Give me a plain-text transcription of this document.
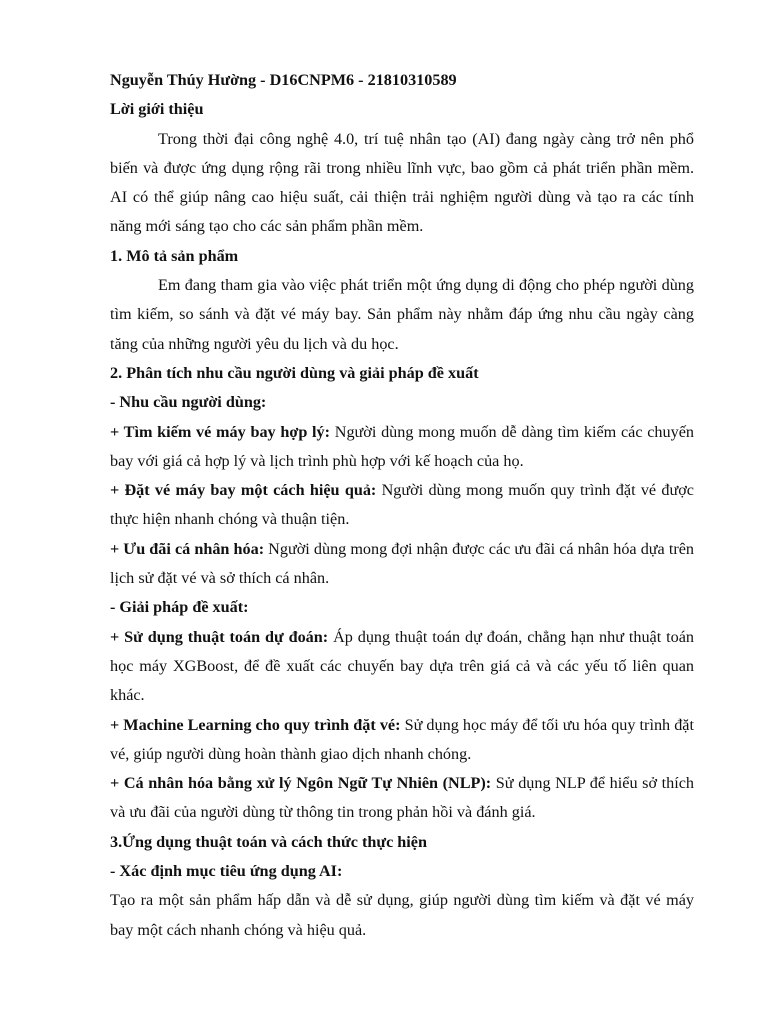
Nguyễn Thúy Hường - D16CNPM6 - 21810310589

Lời giới thiệu

Trong thời đại công nghệ 4.0, trí tuệ nhân tạo (AI) đang ngày càng trở nên phổ biến và được ứng dụng rộng rãi trong nhiều lĩnh vực, bao gồm cả phát triển phần mềm. AI có thể giúp nâng cao hiệu suất, cải thiện trải nghiệm người dùng và tạo ra các tính năng mới sáng tạo cho các sản phẩm phần mềm.

1. Mô tả sản phẩm

Em đang tham gia vào việc phát triển một ứng dụng di động cho phép người dùng tìm kiếm, so sánh và đặt vé máy bay. Sản phẩm này nhằm đáp ứng nhu cầu ngày càng tăng của những người yêu du lịch và du học.

2. Phân tích nhu cầu người dùng và giải pháp đề xuất

- Nhu cầu người dùng:

+ Tìm kiếm vé máy bay hợp lý: Người dùng mong muốn dễ dàng tìm kiếm các chuyến bay với giá cả hợp lý và lịch trình phù hợp với kế hoạch của họ.

+ Đặt vé máy bay một cách hiệu quả: Người dùng mong muốn quy trình đặt vé được thực hiện nhanh chóng và thuận tiện.

+ Ưu đãi cá nhân hóa: Người dùng mong đợi nhận được các ưu đãi cá nhân hóa dựa trên lịch sử đặt vé và sở thích cá nhân.

- Giải pháp đề xuất:

+ Sử dụng thuật toán dự đoán: Áp dụng thuật toán dự đoán, chẳng hạn như thuật toán học máy XGBoost, để đề xuất các chuyến bay dựa trên giá cả và các yếu tố liên quan khác.

+ Machine Learning cho quy trình đặt vé: Sử dụng học máy để tối ưu hóa quy trình đặt vé, giúp người dùng hoàn thành giao dịch nhanh chóng.

+ Cá nhân hóa bằng xử lý Ngôn Ngữ Tự Nhiên (NLP): Sử dụng NLP để hiểu sở thích và ưu đãi của người dùng từ thông tin trong phản hồi và đánh giá.

3.Ứng dụng thuật toán và cách thức thực hiện

- Xác định mục tiêu ứng dụng AI:

Tạo ra một sản phẩm hấp dẫn và dễ sử dụng, giúp người dùng tìm kiếm và đặt vé máy bay một cách nhanh chóng và hiệu quả.
